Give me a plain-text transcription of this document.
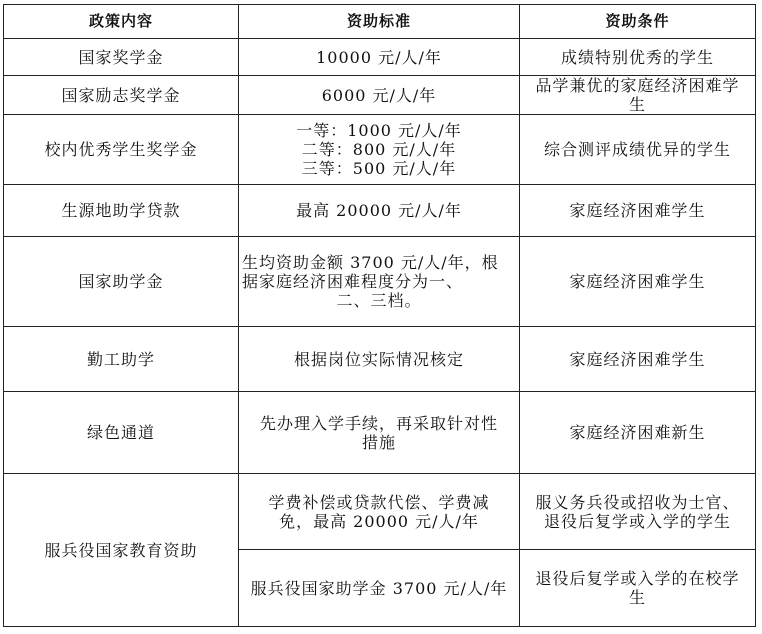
政策内容	资助标准	资助条件
国家奖学金	10000 元/人/年	成绩特别优秀的学生
国家励志奖学金	6000 元/人/年	品学兼优的家庭经济困难学
生

校内优秀学生奖学金	一等：1000 元/人/年
二等：800 元/人/年
三等：500 元/人/年	综合测评成绩优异的学生
生源地助学贷款	最高 20000 元/人/年	家庭经济困难学生
国家助学金	生均资助金额 3700 元/人/年，根
据家庭经济困难程度分为一、
二、三档。	家庭经济困难学生
勤工助学	根据岗位实际情况核定	家庭经济困难学生
绿色通道	先办理入学手续，再采取针对性
措施	家庭经济困难新生
服兵役国家教育资助	学费补偿或贷款代偿、学费减
免，最高 20000 元/人/年	服义务兵役或招收为士官、
退役后复学或入学的学生

	服兵役国家助学金 3700 元/人/年	退役后复学或入学的在校学
生
